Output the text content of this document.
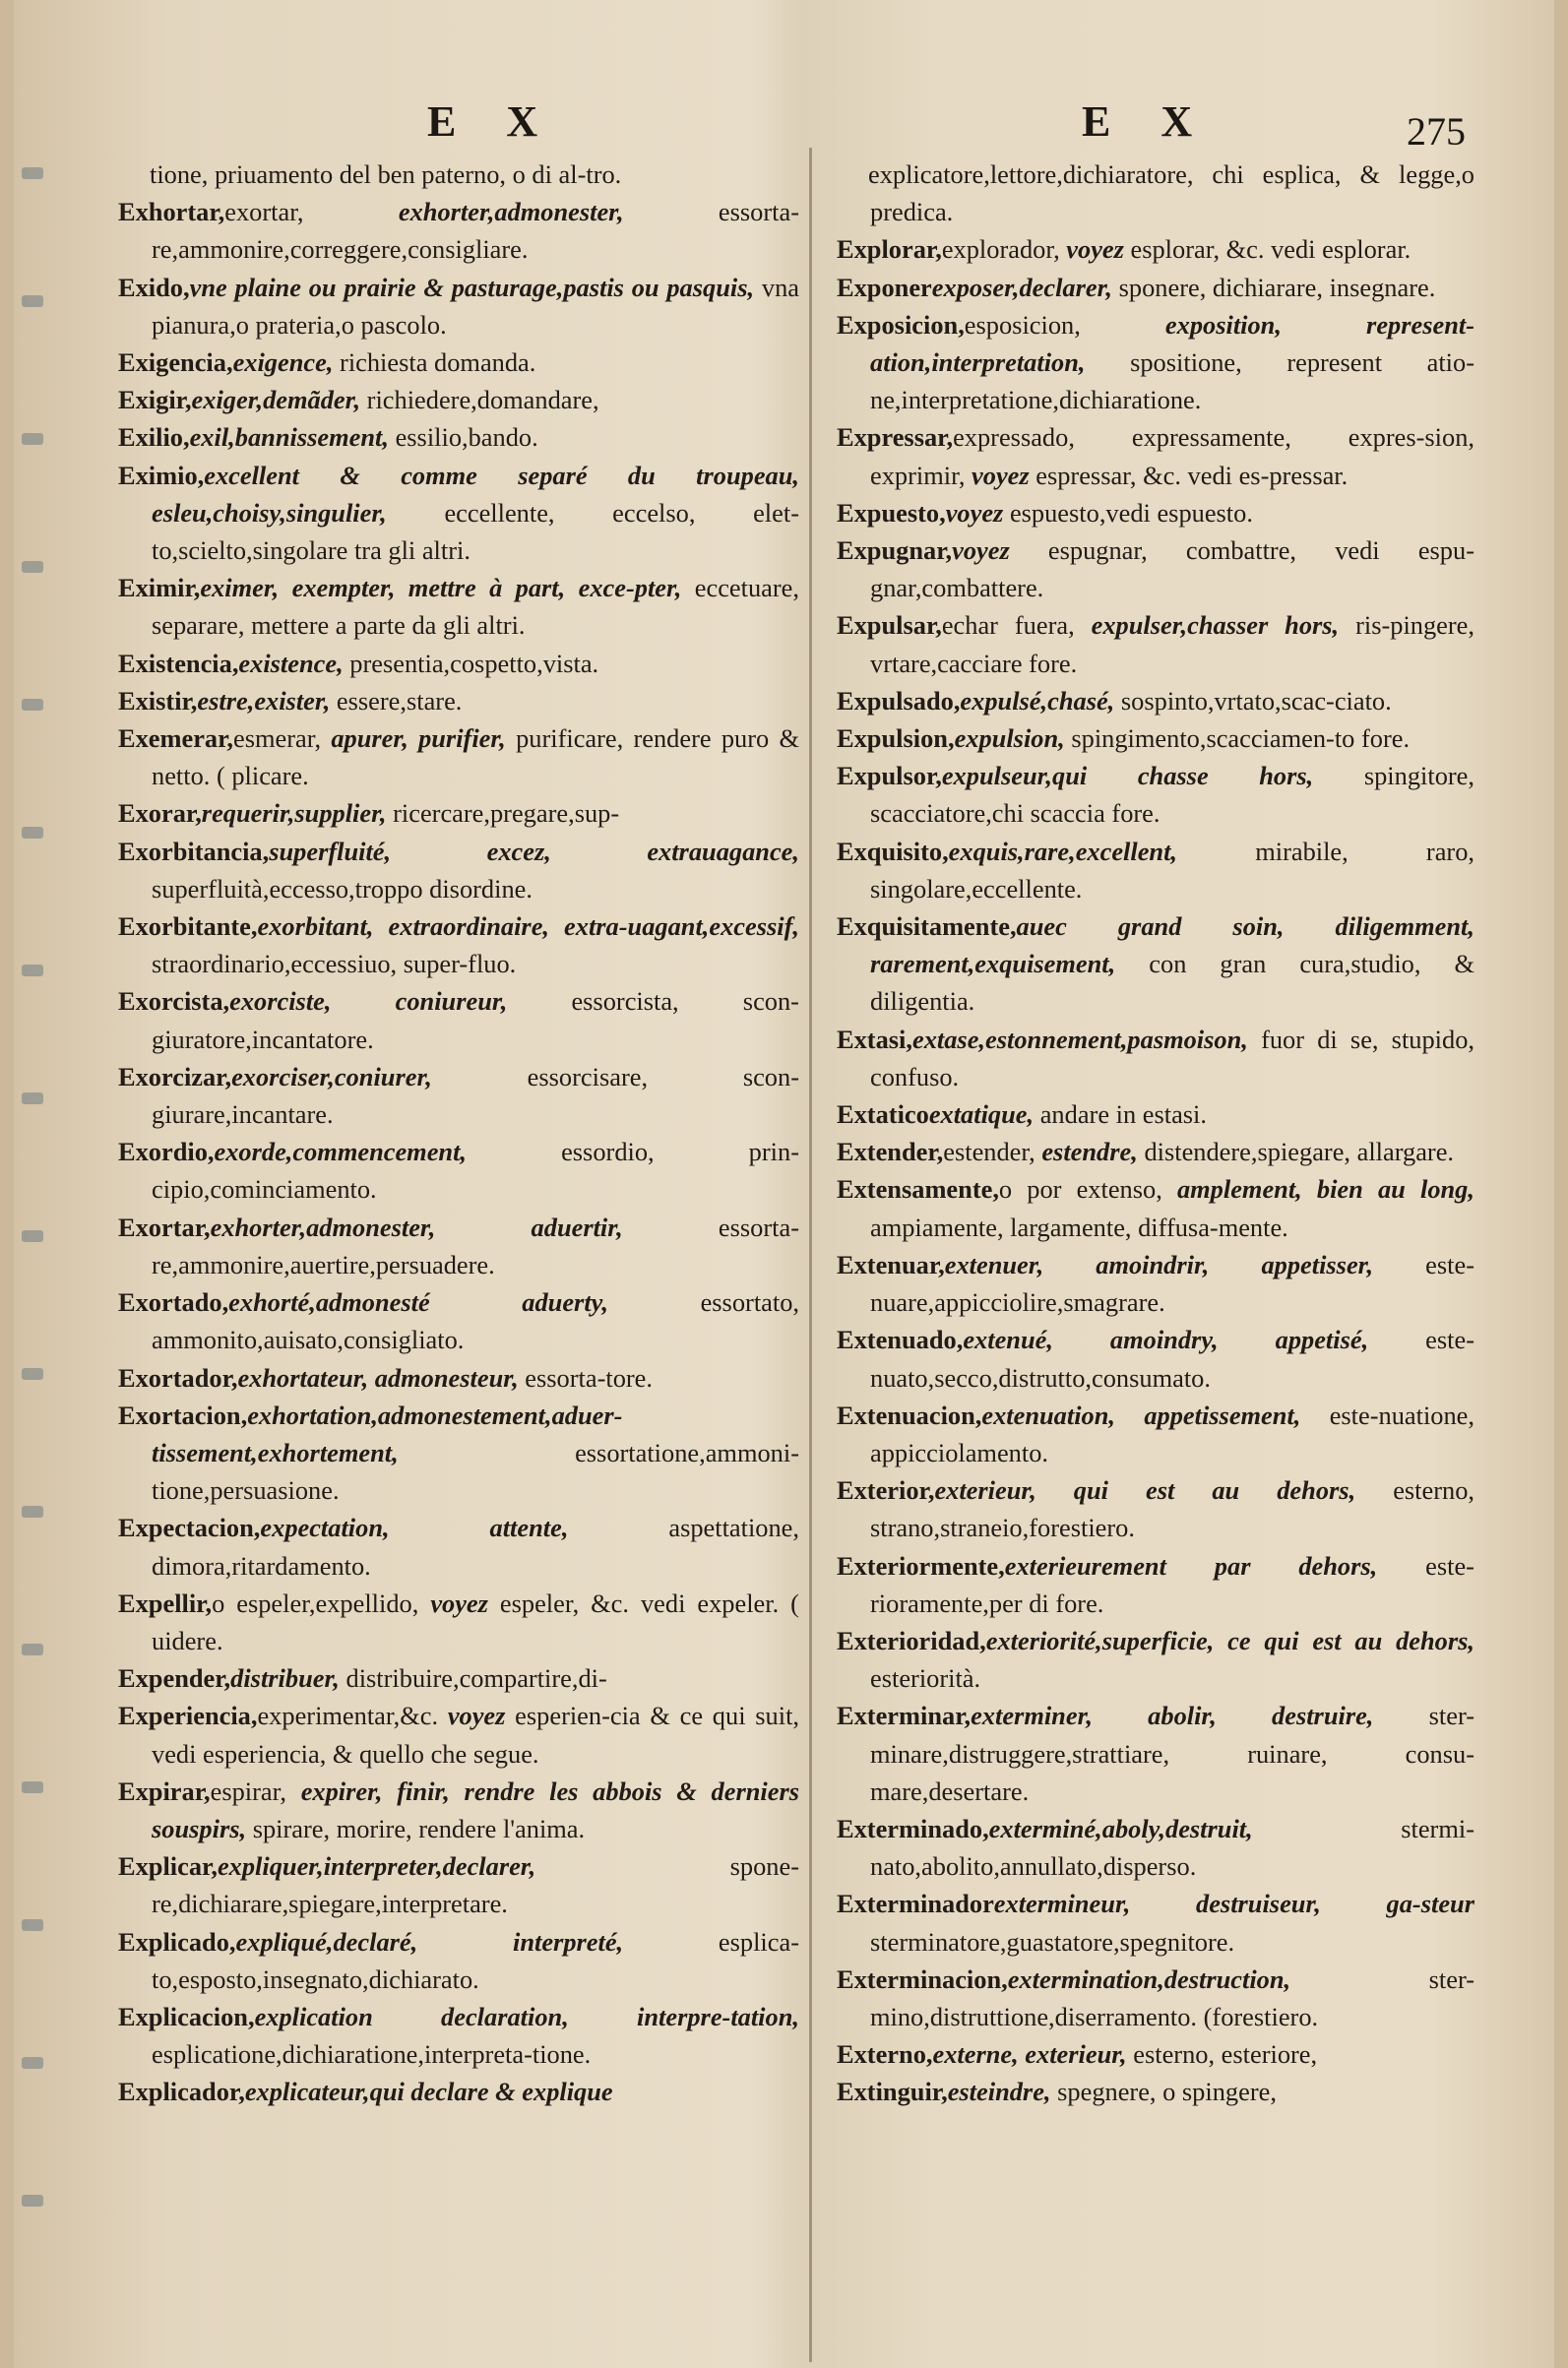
E X	E X	275
tione, priuamento del ben paterno, o di al-tro.
Exhortar,exortar,	exhorter,admonester,	essorta-re,ammonire,correggere,consigliare.
Exido,vne plaine ou prairie & pasturage,pastis ou pasquis, vna pianura,o prateria,o pascolo.
Exigencia,exigence, richiesta domanda.
Exigir,exiger,demãder, richiedere,domandare,
Exilio,exil,bannissement, essilio,bando.
Eximio,excellent & comme separé du troupeau, esleu,choisy,singulier, eccellente, eccelso, elet-to,scielto,singolare tra gli altri.
Eximir,eximer, exempter, mettre à part, exce-pter, eccetuare, separare, mettere a parte da gli altri.
Existencia,existence, presentia,cospetto,vista.
Existir,estre,exister, essere,stare.
Exemerar,esmerar, apurer, purifier, purificare, rendere puro & netto. ( plicare.
Exorar,requerir,supplier, ricercare,pregare,sup-
Exorbitancia,superfluité, excez, extrauagance, superfluità,eccesso,troppo disordine.
Exorbitante,exorbitant, extraordinaire, extra-uagant,excessif, straordinario,eccessiuo, super-fluo.
Exorcista,exorciste, coniureur, essorcista, scon-giuratore,incantatore.
Exorcizar,exorciser,coniurer,	essorcisare, scon-giurare,incantare.
Exordio,exorde,commencement,	essordio, prin-cipio,cominciamento.
Exortar,exhorter,admonester, aduertir,	essorta-re,ammonire,auertire,persuadere.
Exortado,exhorté,admonesté aduerty,	essortato, ammonito,auisato,consigliato.
Exortador,exhortateur, admonesteur, essorta-tore.
Exortacion,exhortation,admonestement,aduer-tissement,exhortement,	essortatione,ammoni-tione,persuasione.
Expectacion,expectation, attente,	aspettatione, dimora,ritardamento.
Expellir,o espeler,expellido, voyez espeler, &c. vedi expeler. ( uidere.
Expender,distribuer, distribuire,compartire,di-
Experiencia,experimentar,&c. voyez esperien-cia & ce qui suit, vedi esperiencia, & quello che segue.
Expirar,espirar, expirer, finir, rendre les abbois & derniers souspirs, spirare, morire, rendere l'anima.
Explicar,expliquer,interpreter,declarer,	spone-re,dichiarare,spiegare,interpretare.
Explicado,expliqué,declaré, interpreté,	esplica-to,esposto,insegnato,dichiarato.
Explicacion,explication declaration, interpre-tation, esplicatione,dichiaratione,interpreta-tione.
Explicador,explicateur,qui declare & explique
explicatore,lettore,dichiaratore, chi esplica, & legge,o predica.
Explorar,explorador, voyez esplorar, &c. vedi esplorar.
Exponerexposer,declarer, sponere, dichiarare, insegnare.
Exposicion,esposicion,	exposition, represent-ation,interpretation, spositione, represent atio-ne,interpretatione,dichiaratione.
Expressar,expressado, expressamente, expres-sion, exprimir, voyez espressar, &c. vedi es-pressar.
Expuesto,voyez espuesto,vedi espuesto.
Expugnar,voyez espugnar, combattre, vedi espu-gnar,combattere.
Expulsar,echar fuera, expulser,chasser hors, ris-pingere, vrtare,cacciare fore.
Expulsado,expulsé,chasé, sospinto,vrtato,scac-ciato.
Expulsion,expulsion, spingimento,scacciamen-to fore.
Expulsor,expulseur,qui chasse hors, spingitore, scacciatore,chi scaccia fore.
Exquisito,exquis,rare,excellent,	mirabile, raro, singolare,eccellente.
Exquisitamente,auec grand soin, diligemment, rarement,exquisement, con gran cura,studio, & diligentia.
Extasi,extase,estonnement,pasmoison, fuor di se, stupido, confuso.
Extaticoextatique, andare in estasi.
Extender,estender, estendre, distendere,spiegare, allargare.
Extensamente,o por extenso, amplement, bien au long, ampiamente, largamente, diffusa-mente.
Extenuar,extenuer, amoindrir, appetisser, este-nuare,appicciolire,smagrare.
Extenuado,extenué, amoindry, appetisé, este-nuato,secco,distrutto,consumato.
Extenuacion,extenuation, appetissement, este-nuatione, appicciolamento.
Exterior,exterieur, qui est au dehors, esterno, strano,straneio,forestiero.
Exteriormente,exterieurement par dehors, este-rioramente,per di fore.
Exterioridad,exteriorité,superficie, ce qui est au dehors, esteriorità.
Exterminar,exterminer, abolir, destruire, ster-minare,distruggere,strattiare, ruinare, consu-mare,desertare.
Exterminado,exterminé,aboly,destruit,	stermi-nato,abolito,annullato,disperso.
Exterminadorextermineur, destruiseur, ga-steur sterminatore,guastatore,spegnitore.
Exterminacion,extermination,destruction,	ster-mino,distruttione,diserramento. (forestiero.
Externo,externe, exterieur, esterno, esteriore,
Extinguir,esteindre, spegnere, o spingere,
